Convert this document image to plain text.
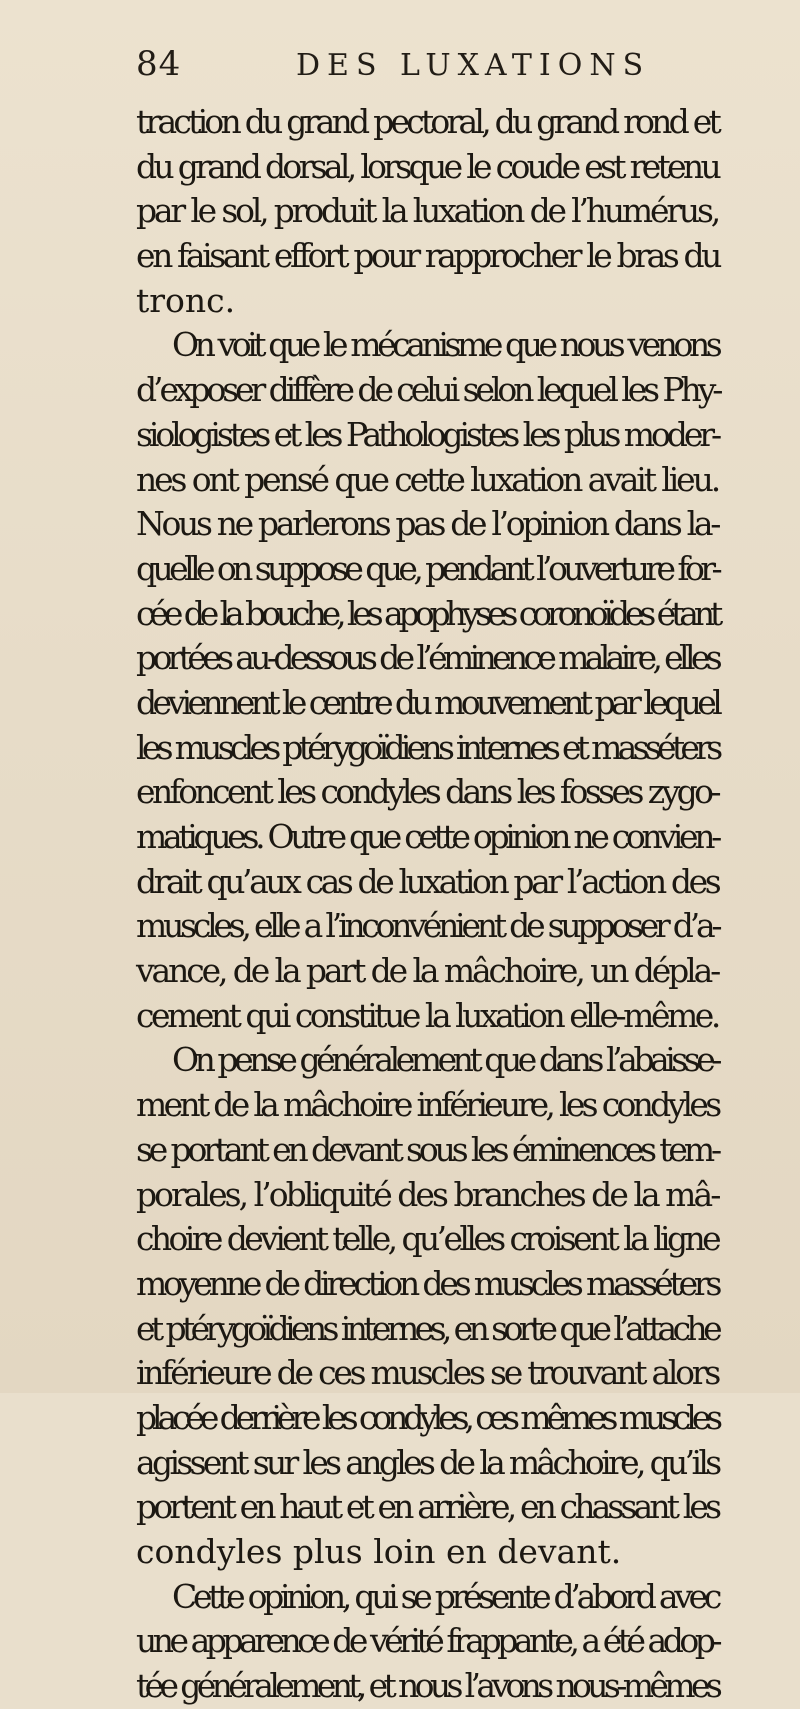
84	DES LUXATIONS
traction du grand pectoral, du grand rond et
du grand dorsal, lorsque le coude est retenu
par le sol, produit la luxation de l’humérus,
en faisant effort pour rapprocher le bras du
tronc.
On voit que le mécanisme que nous venons
d’exposer diffère de celui selon lequel les Phy-
siologistes et les Pathologistes les plus moder-
nes ont pensé que cette luxation avait lieu.
Nous ne parlerons pas de l’opinion dans la-
quelle on suppose que, pendant l’ouverture for-
cée de la bouche, les apophyses coronoïdes étant
portées au-dessous de l’éminence malaire, elles
deviennent le centre du mouvement par lequel
les muscles ptérygoïdiens internes et masséters
enfoncent les condyles dans les fosses zygo-
matiques. Outre que cette opinion ne convien-
drait qu’aux cas de luxation par l’action des
muscles, elle a l’inconvénient de supposer d’a-
vance, de la part de la mâchoire, un dépla-
cement qui constitue la luxation elle-même.
On pense généralement que dans l’abaisse-
ment de la mâchoire inférieure, les condyles
se portant en devant sous les éminences tem-
porales, l’obliquité des branches de la mâ-
choire devient telle, qu’elles croisent la ligne
moyenne de direction des muscles masséters
et ptérygoïdiens internes, en sorte que l’attache
inférieure de ces muscles se trouvant alors
placée derrière les condyles, ces mêmes muscles
agissent sur les angles de la mâchoire, qu’ils
portent en haut et en arrière, en chassant les
condyles plus loin en devant.
Cette opinion, qui se présente d’abord avec
une apparence de vérité frappante, a été adop-
tée généralement, et nous l’avons nous-mêmes
